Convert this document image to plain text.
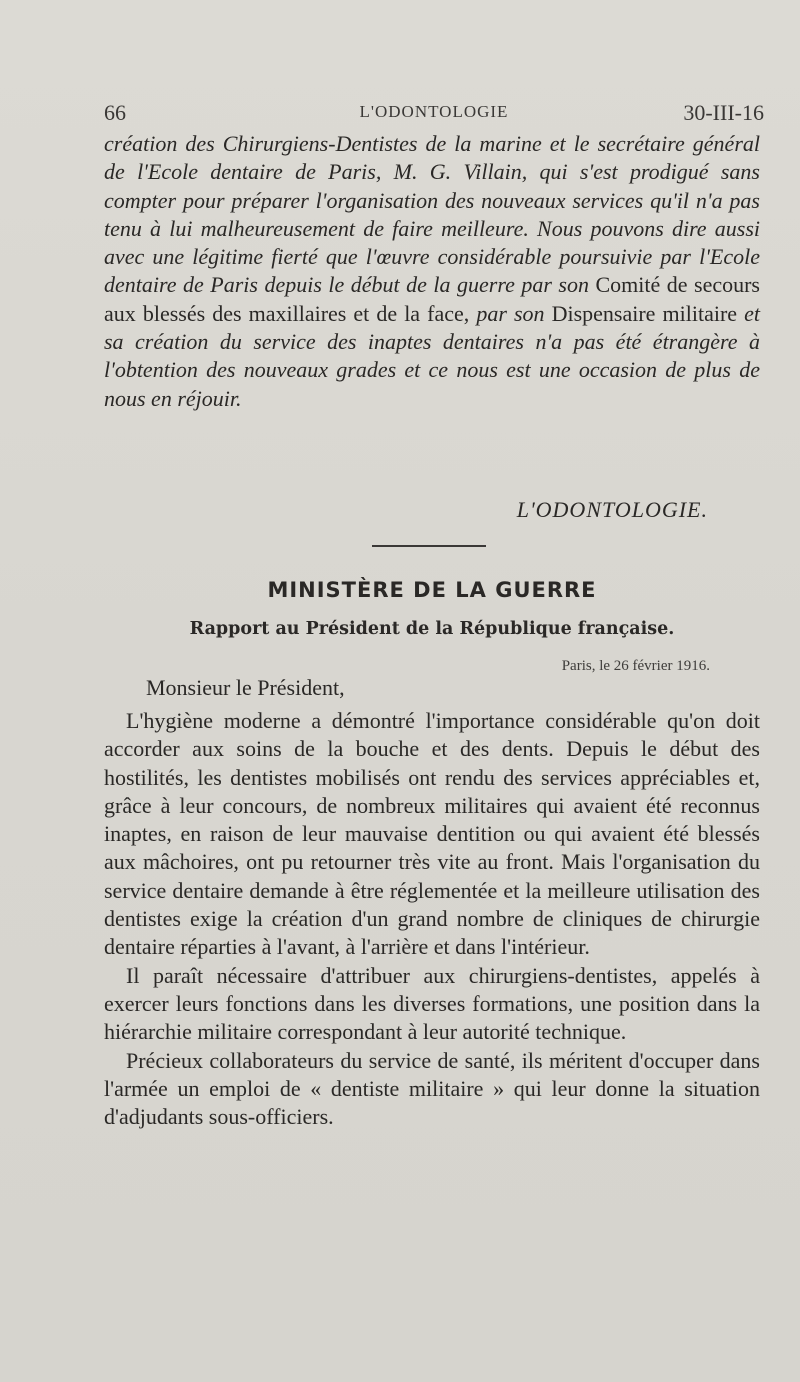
66	L'ODONTOLOGIE	30-III-16
création des Chirurgiens-Dentistes de la marine et le secrétaire général de l'Ecole dentaire de Paris, M. G. Villain, qui s'est prodigué sans compter pour préparer l'organisation des nouveaux services qu'il n'a pas tenu à lui malheureusement de faire meilleure. Nous pouvons dire aussi avec une légitime fierté que l'œuvre considérable poursuivie par l'Ecole dentaire de Paris depuis le début de la guerre par son Comité de secours aux blessés des maxillaires et de la face, par son Dispensaire militaire et sa création du service des inaptes dentaires n'a pas été étrangère à l'obtention des nouveaux grades et ce nous est une occasion de plus de nous en réjouir.
L'ODONTOLOGIE.
MINISTÈRE DE LA GUERRE
Rapport au Président de la République française.
Paris, le 26 février 1916.
Monsieur le Président,

L'hygiène moderne a démontré l'importance considérable qu'on doit accorder aux soins de la bouche et des dents. Depuis le début des hostilités, les dentistes mobilisés ont rendu des services appréciables et, grâce à leur concours, de nombreux militaires qui avaient été reconnus inaptes, en raison de leur mauvaise dentition ou qui avaient été blessés aux mâchoires, ont pu retourner très vite au front. Mais l'organisation du service dentaire demande à être réglementée et la meilleure utilisation des dentistes exige la création d'un grand nombre de cliniques de chirurgie dentaire réparties à l'avant, à l'arrière et dans l'intérieur.

Il paraît nécessaire d'attribuer aux chirurgiens-dentistes, appelés à exercer leurs fonctions dans les diverses formations, une position dans la hiérarchie militaire correspondant à leur autorité technique.

Précieux collaborateurs du service de santé, ils méritent d'occuper dans l'armée un emploi de « dentiste militaire » qui leur donne la situation d'adjudants sous-officiers.
